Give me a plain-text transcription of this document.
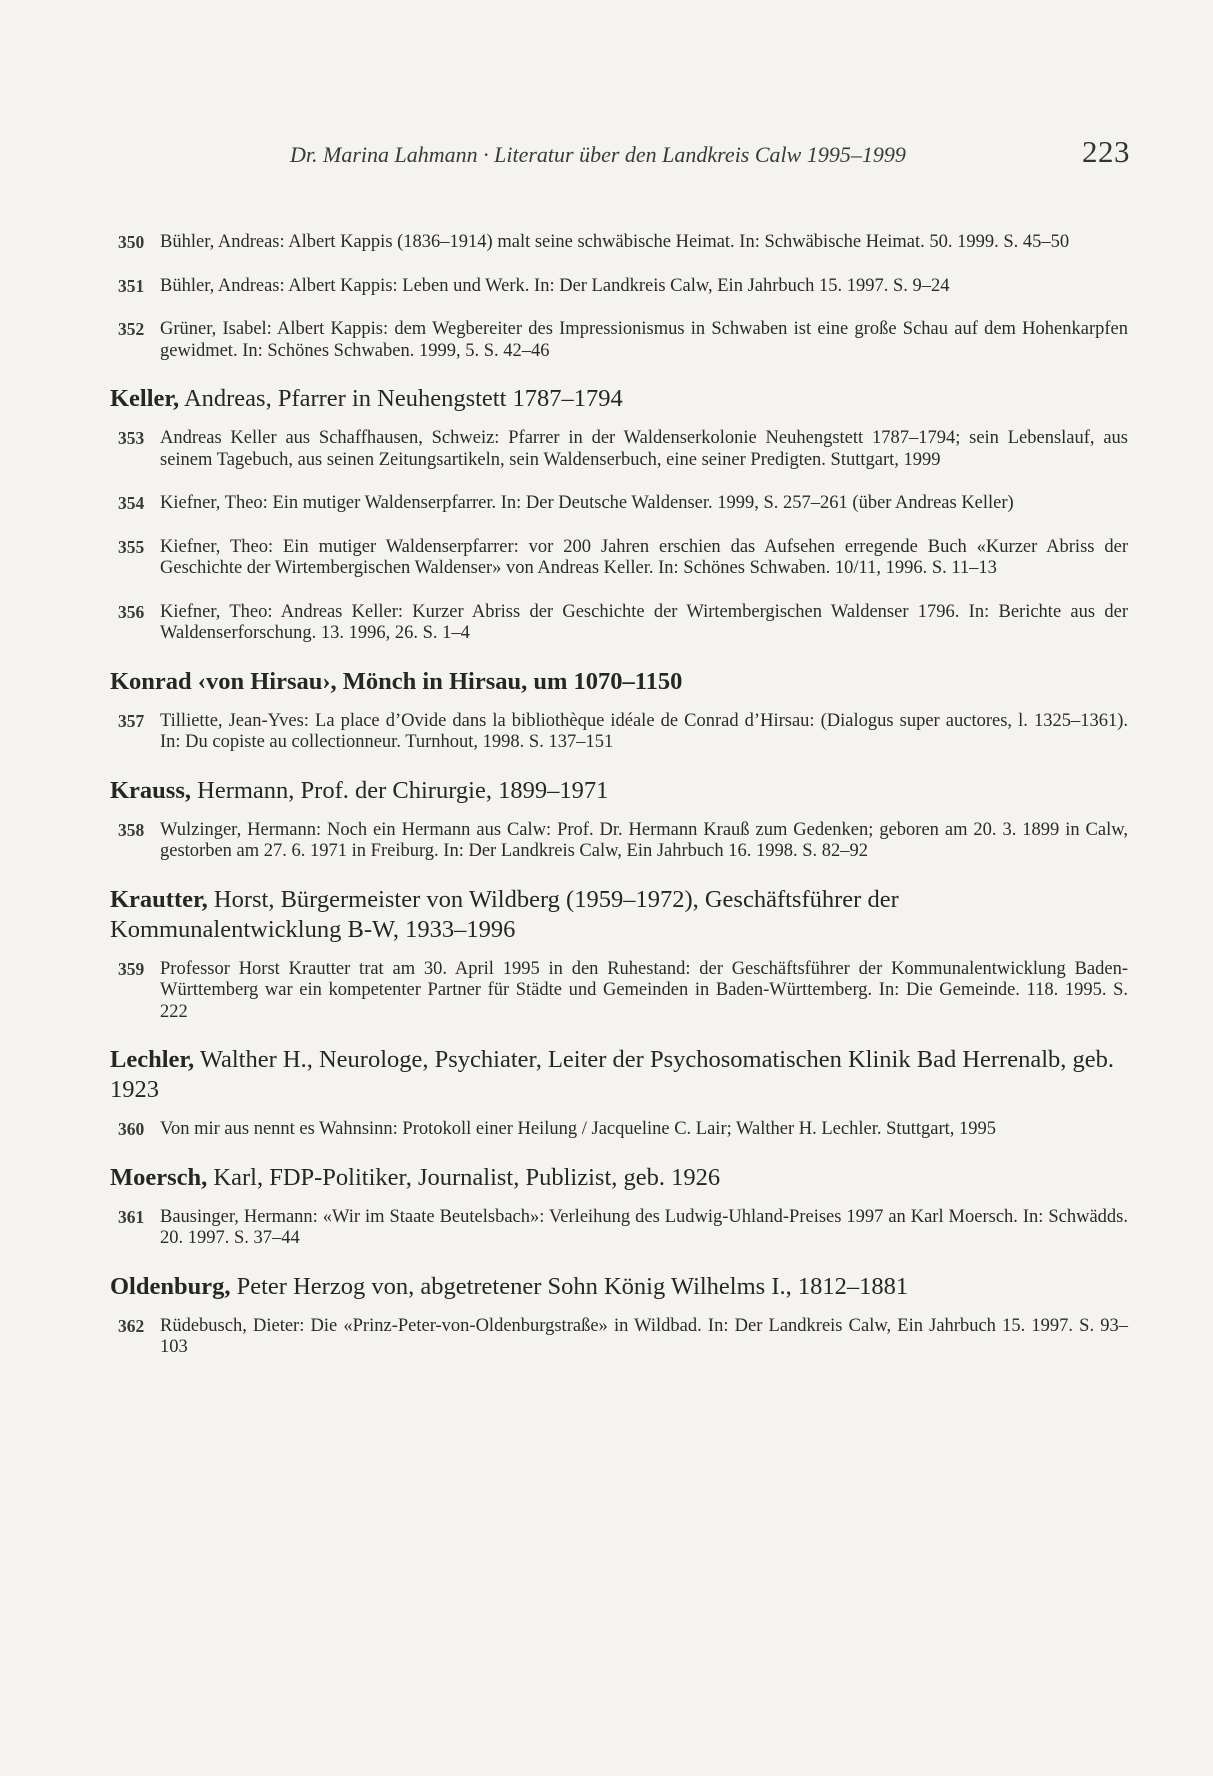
Dr. Marina Lahmann · Literatur über den Landkreis Calw 1995–1999	223
350 Bühler, Andreas: Albert Kappis (1836–1914) malt seine schwäbische Heimat. In: Schwäbische Heimat. 50. 1999. S. 45–50
351 Bühler, Andreas: Albert Kappis: Leben und Werk. In: Der Landkreis Calw, Ein Jahrbuch 15. 1997. S. 9–24
352 Grüner, Isabel: Albert Kappis: dem Wegbereiter des Impressionismus in Schwaben ist eine große Schau auf dem Hohenkarpfen gewidmet. In: Schönes Schwaben. 1999, 5. S. 42–46
Keller, Andreas, Pfarrer in Neuhengstett 1787–1794
353 Andreas Keller aus Schaffhausen, Schweiz: Pfarrer in der Waldenserkolonie Neuhengstett 1787–1794; sein Lebenslauf, aus seinem Tagebuch, aus seinen Zeitungsartikeln, sein Waldenserbuch, eine seiner Predigten. Stuttgart, 1999
354 Kiefner, Theo: Ein mutiger Waldenserpfarrer. In: Der Deutsche Waldenser. 1999, S. 257–261 (über Andreas Keller)
355 Kiefner, Theo: Ein mutiger Waldenserpfarrer: vor 200 Jahren erschien das Aufsehen erregende Buch «Kurzer Abriss der Geschichte der Wirtembergischen Waldenser» von Andreas Keller. In: Schönes Schwaben. 10/11, 1996. S. 11–13
356 Kiefner, Theo: Andreas Keller: Kurzer Abriss der Geschichte der Wirtembergischen Waldenser 1796. In: Berichte aus der Waldenserforschung. 13. 1996, 26. S. 1–4
Konrad ‹von Hirsau›, Mönch in Hirsau, um 1070–1150
357 Tilliette, Jean-Yves: La place d’Ovide dans la bibliothèque idéale de Conrad d’Hirsau: (Dialogus super auctores, l. 1325–1361). In: Du copiste au collectionneur. Turnhout, 1998. S. 137–151
Krauss, Hermann, Prof. der Chirurgie, 1899–1971
358 Wulzinger, Hermann: Noch ein Hermann aus Calw: Prof. Dr. Hermann Krauß zum Gedenken; geboren am 20. 3. 1899 in Calw, gestorben am 27. 6. 1971 in Freiburg. In: Der Landkreis Calw, Ein Jahrbuch 16. 1998. S. 82–92
Krautter, Horst, Bürgermeister von Wildberg (1959–1972), Geschäftsführer der Kommunalentwicklung B-W, 1933–1996
359 Professor Horst Krautter trat am 30. April 1995 in den Ruhestand: der Geschäftsführer der Kommunalentwicklung Baden-Württemberg war ein kompetenter Partner für Städte und Gemeinden in Baden-Württemberg. In: Die Gemeinde. 118. 1995. S. 222
Lechler, Walther H., Neurologe, Psychiater, Leiter der Psychosomatischen Klinik Bad Herrenalb, geb. 1923
360 Von mir aus nennt es Wahnsinn: Protokoll einer Heilung / Jacqueline C. Lair; Walther H. Lechler. Stuttgart, 1995
Moersch, Karl, FDP-Politiker, Journalist, Publizist, geb. 1926
361 Bausinger, Hermann: «Wir im Staate Beutelsbach»: Verleihung des Ludwig-Uhland-Preises 1997 an Karl Moersch. In: Schwädds. 20. 1997. S. 37–44
Oldenburg, Peter Herzog von, abgetretener Sohn König Wilhelms I., 1812–1881
362 Rüdebusch, Dieter: Die «Prinz-Peter-von-Oldenburgstraße» in Wildbad. In: Der Landkreis Calw, Ein Jahrbuch 15. 1997. S. 93–103
